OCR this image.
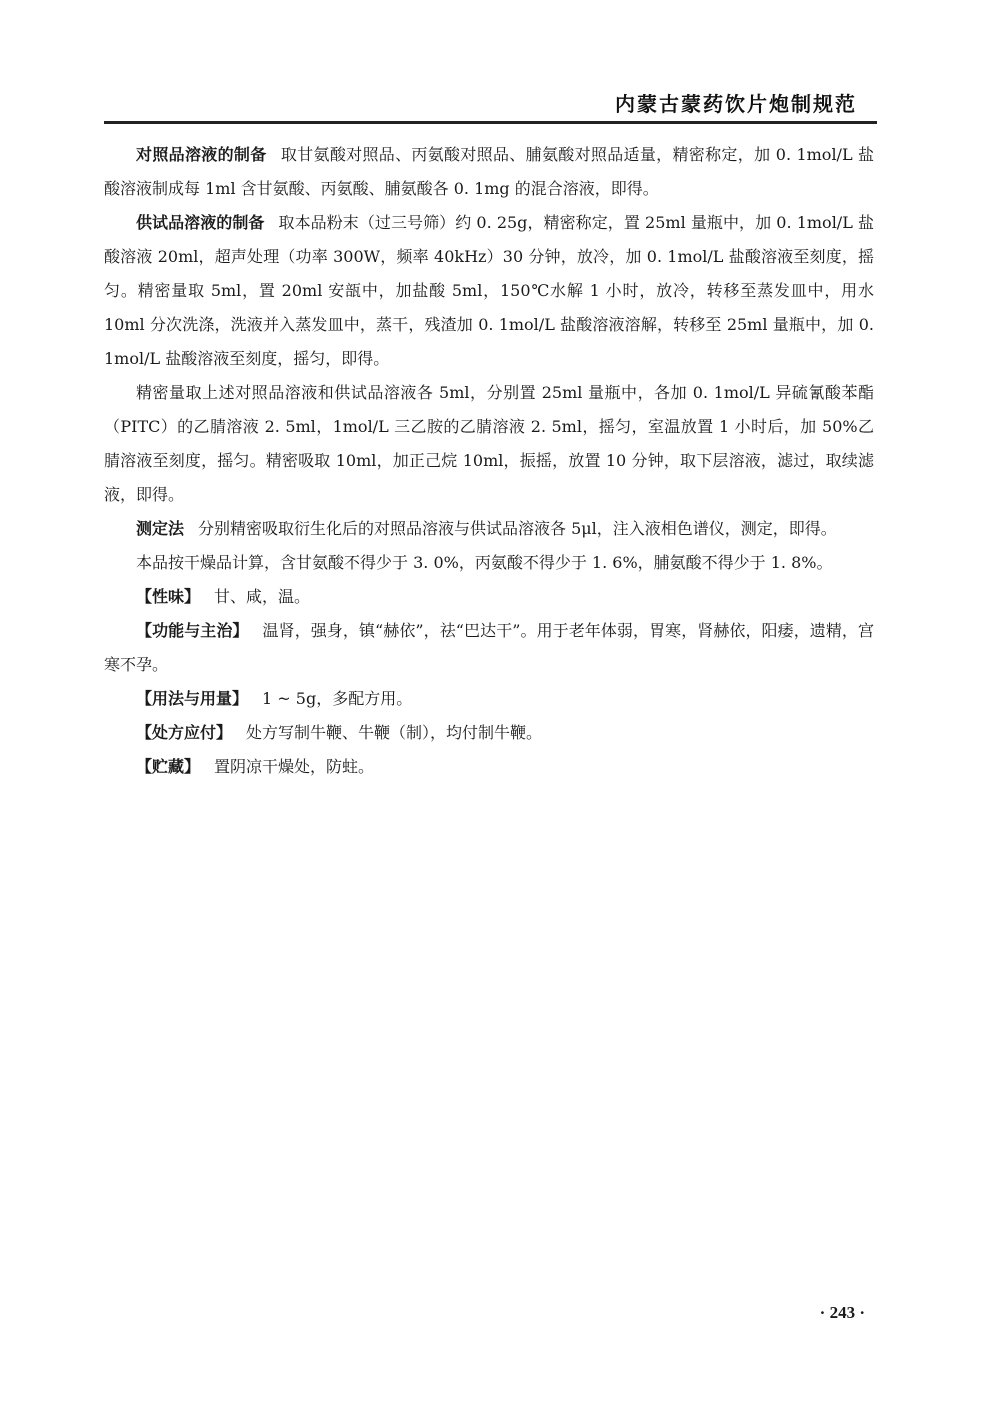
内蒙古蒙药饮片炮制规范

对照品溶液的制备 取甘氨酸对照品、丙氨酸对照品、脯氨酸对照品适量，精密称定，加 0. 1mol/L 盐酸溶液制成每 1ml 含甘氨酸、丙氨酸、脯氨酸各 0. 1mg 的混合溶液，即得。

供试品溶液的制备 取本品粉末（过三号筛）约 0. 25g，精密称定，置 25ml 量瓶中，加 0. 1mol/L 盐酸溶液 20ml，超声处理（功率 300W，频率 40kHz）30 分钟，放冷，加 0. 1mol/L 盐酸溶液至刻度，摇匀。精密量取 5ml，置 20ml 安瓿中，加盐酸 5ml，150℃水解 1 小时，放冷，转移至蒸发皿中，用水 10ml 分次洗涤，洗液并入蒸发皿中，蒸干，残渣加 0. 1mol/L 盐酸溶液溶解，转移至 25ml 量瓶中，加 0. 1mol/L 盐酸溶液至刻度，摇匀，即得。

精密量取上述对照品溶液和供试品溶液各 5ml，分别置 25ml 量瓶中，各加 0. 1mol/L 异硫氰酸苯酯（PITC）的乙腈溶液 2. 5ml，1mol/L 三乙胺的乙腈溶液 2. 5ml，摇匀，室温放置 1 小时后，加 50%乙腈溶液至刻度，摇匀。精密吸取 10ml，加正己烷 10ml，振摇，放置 10 分钟，取下层溶液，滤过，取续滤液，即得。

测定法 分别精密吸取衍生化后的对照品溶液与供试品溶液各 5μl，注入液相色谱仪，测定，即得。

本品按干燥品计算，含甘氨酸不得少于 3. 0%，丙氨酸不得少于 1. 6%，脯氨酸不得少于 1. 8%。

【性味】 甘、咸，温。

【功能与主治】 温肾，强身，镇“赫依”，祛“巴达干”。用于老年体弱，胃寒，肾赫依，阳痿，遗精，宫寒不孕。

【用法与用量】 1 ~ 5g，多配方用。

【处方应付】 处方写制牛鞭、牛鞭（制），均付制牛鞭。

【贮藏】 置阴凉干燥处，防蛀。

· 243 ·
